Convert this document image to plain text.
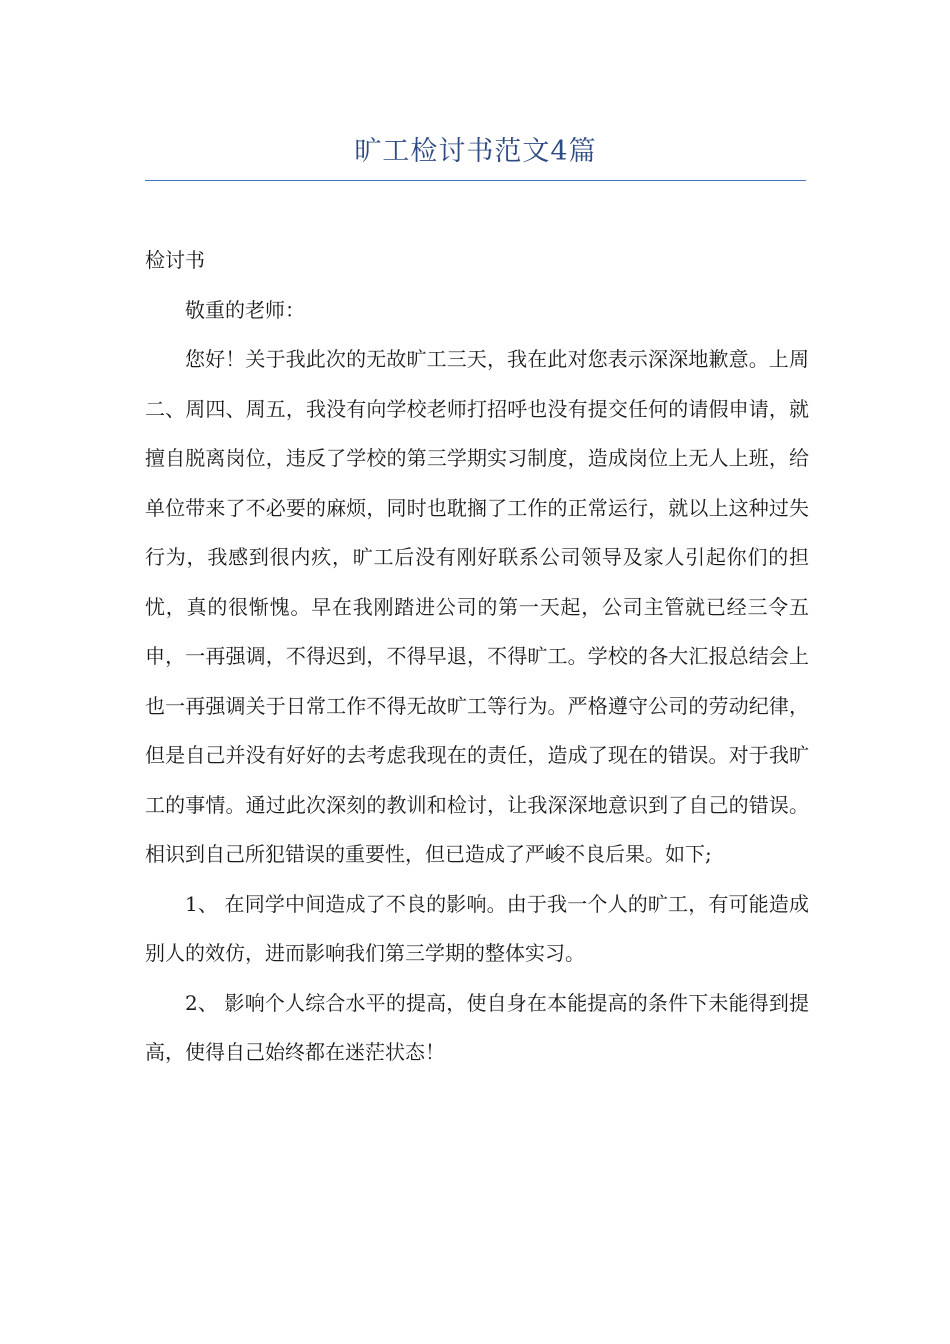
旷工检讨书范文4篇

检讨书

敬重的老师：

您好！关于我此次的无故旷工三天，我在此对您表示深深地歉意。上周二、周四、周五，我没有向学校老师打招呼也没有提交任何的请假申请，就擅自脱离岗位，违反了学校的第三学期实习制度，造成岗位上无人上班，给单位带来了不必要的麻烦，同时也耽搁了工作的正常运行，就以上这种过失行为，我感到很内疚，旷工后没有刚好联系公司领导及家人引起你们的担忧，真的很惭愧。早在我刚踏进公司的第一天起，公司主管就已经三令五申，一再强调，不得迟到，不得早退，不得旷工。学校的各大汇报总结会上也一再强调关于日常工作不得无故旷工等行为。严格遵守公司的劳动纪律，但是自己并没有好好的去考虑我现在的责任，造成了现在的错误。对于我旷工的事情。通过此次深刻的教训和检讨，让我深深地意识到了自己的错误。相识到自己所犯错误的重要性，但已造成了严峻不良后果。如下;

1、 在同学中间造成了不良的影响。由于我一个人的旷工，有可能造成别人的效仿，进而影响我们第三学期的整体实习。

2、 影响个人综合水平的提高，使自身在本能提高的条件下未能得到提高，使得自己始终都在迷茫状态！
